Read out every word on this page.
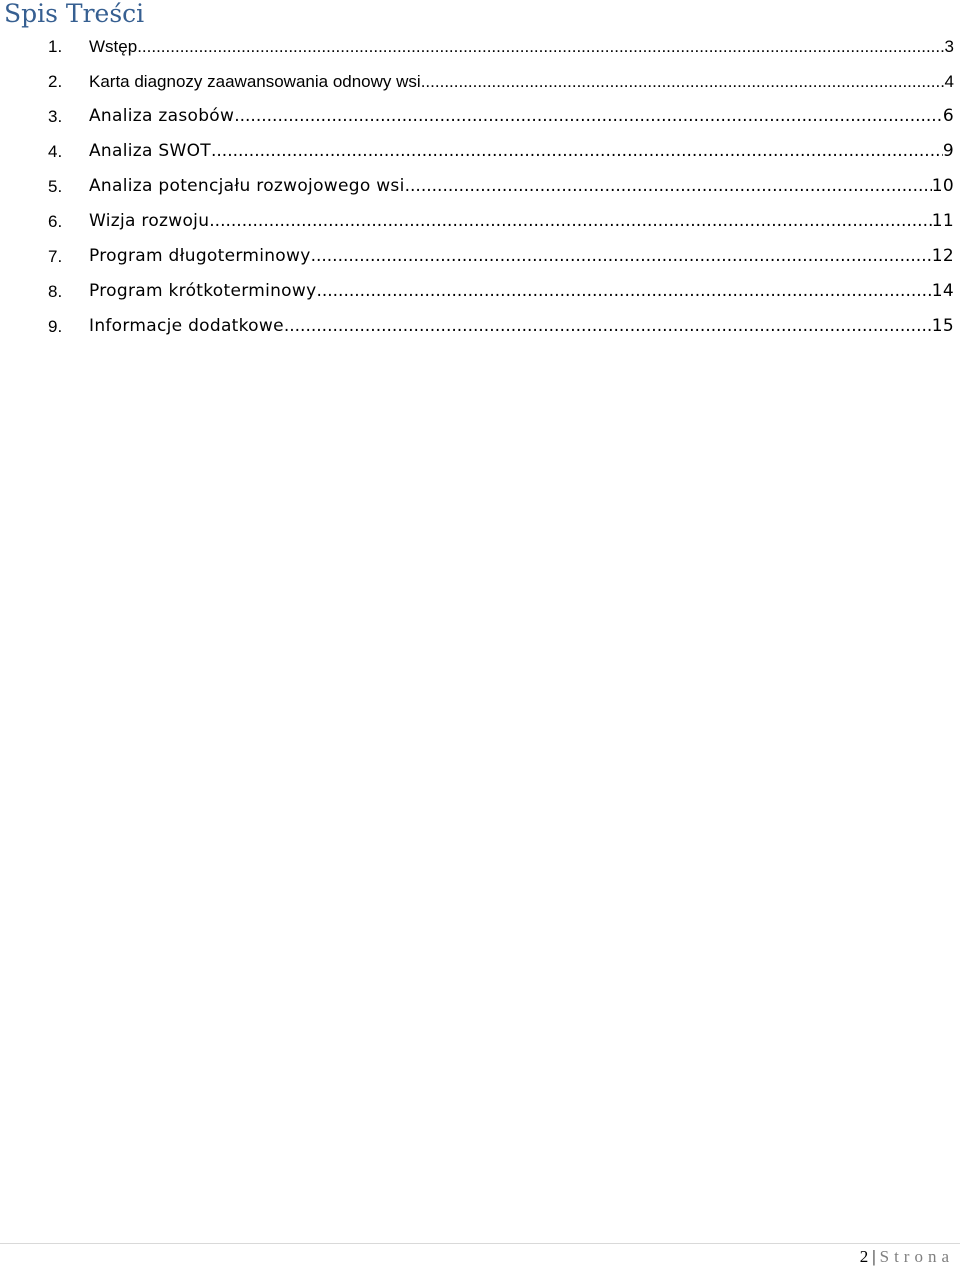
Spis Treści
1. Wstęp .....	3
2. Karta diagnozy zaawansowania odnowy wsi .....	4
3. Analiza zasobów .....	6
4. Analiza SWOT .....	9
5. Analiza potencjału rozwojowego wsi .....	10
6. Wizja rozwoju .....	11
7. Program długoterminowy .....	12
8. Program krótkoterminowy .....	14
9. Informacje dodatkowe .....	15
2 | Strona
